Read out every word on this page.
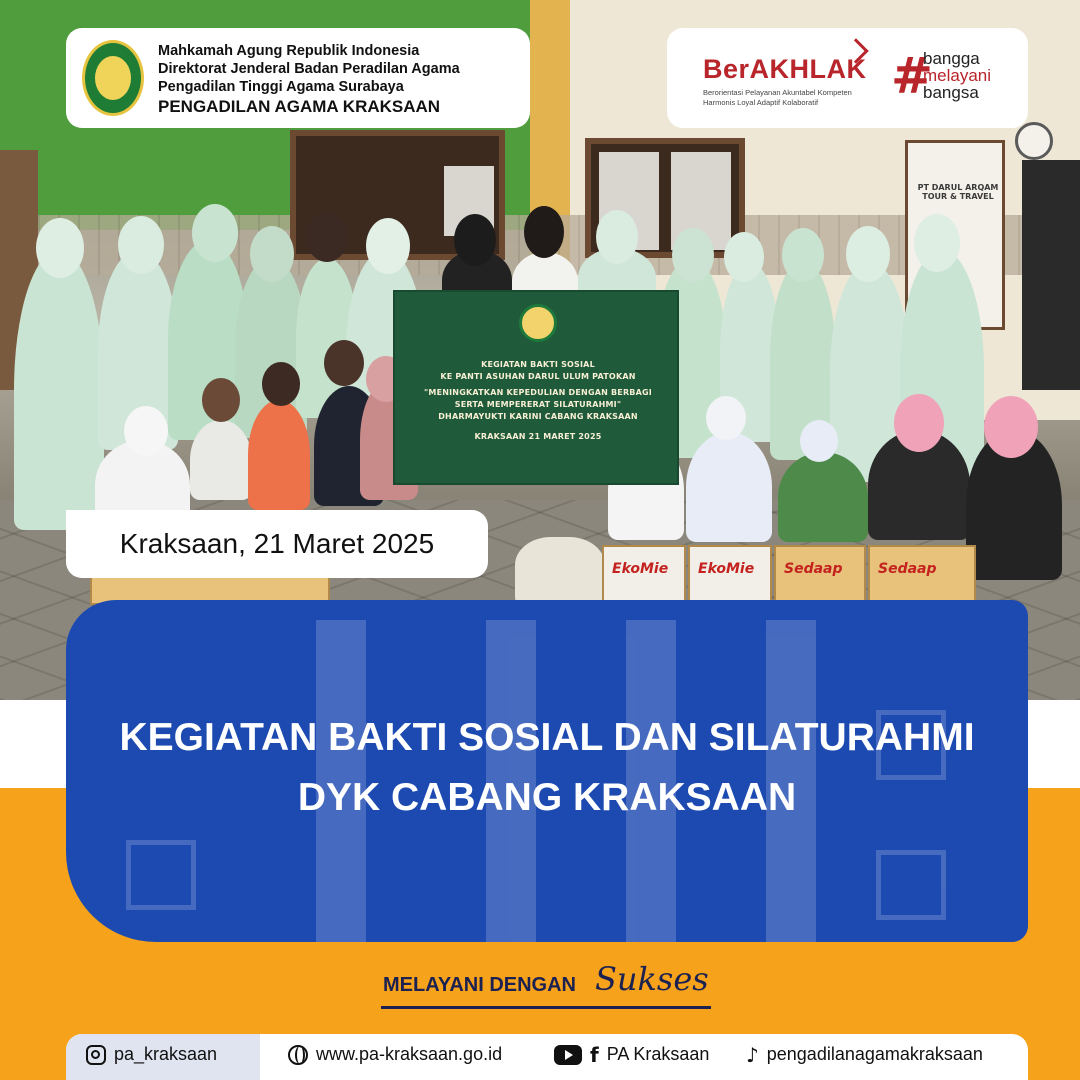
PT DARUL ARQAM TOUR & TRAVEL
KEGIATAN BAKTI SOSIAL
KE PANTI ASUHAN DARUL ULUM PATOKAN
"MENINGKATKAN KEPEDULIAN DENGAN BERBAGI
SERTA MEMPERERAT SILATURAHMI"
DHARMAYUKTI KARINI CABANG KRAKSAAN
KRAKSAAN 21 MARET 2025
EkoMie EkoMie Sedaap	Sedaap
Mahkamah Agung Republik Indonesia
Direktorat Jenderal Badan Peradilan Agama
Pengadilan Tinggi Agama Surabaya
PENGADILAN AGAMA KRAKSAAN
BerAKHLAK
Berorientasi Pelayanan Akuntabel Kompeten Harmonis Loyal Adaptif Kolaboratif	#
bangga
melayani
bangsa
Kraksaan, 21 Maret 2025
KEGIATAN BAKTI SOSIAL DAN SILATURAHMI
DYK CABANG KRAKSAAN
MELAYANI DENGAN Sukses
pa_kraksaan	www.pa-kraksaan.go.id	f PA Kraksaan ♪ pengadilanagamakraksaan
